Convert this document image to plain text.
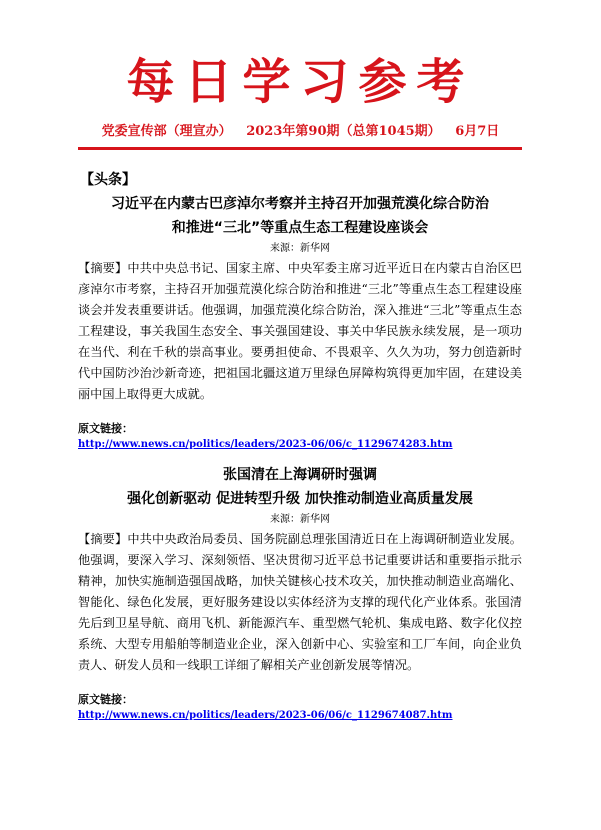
每日学习参考
党委宣传部（理宣办） 2023年第90期（总第1045期） 6月7日
【头条】

习近平在内蒙古巴彦淖尔考察并主持召开加强荒漠化综合防治

和推进“三北”等重点生态工程建设座谈会

来源：新华网

【摘要】中共中央总书记、国家主席、中央军委主席习近平近日在内蒙古自治区巴彦淖尔市考察，主持召开加强荒漠化综合防治和推进“三北”等重点生态工程建设座谈会并发表重要讲话。他强调，加强荒漠化综合防治，深入推进“三北”等重点生态工程建设，事关我国生态安全、事关强国建设、事关中华民族永续发展，是一项功在当代、利在千秋的崇高事业。要勇担使命、不畏艰辛、久久为功，努力创造新时代中国防沙治沙新奇迹，把祖国北疆这道万里绿色屏障构筑得更加牢固，在建设美丽中国上取得更大成就。

原文链接：

http://www.news.cn/politics/leaders/2023-06/06/c_1129674283.htm

张国清在上海调研时强调

强化创新驱动 促进转型升级 加快推动制造业高质量发展

来源：新华网

【摘要】中共中央政治局委员、国务院副总理张国清近日在上海调研制造业发展。他强调，要深入学习、深刻领悟、坚决贯彻习近平总书记重要讲话和重要指示批示精神，加快实施制造强国战略，加快关键核心技术攻关，加快推动制造业高端化、智能化、绿色化发展，更好服务建设以实体经济为支撑的现代化产业体系。张国清先后到卫星导航、商用飞机、新能源汽车、重型燃气轮机、集成电路、数字化仪控系统、大型专用船舶等制造业企业，深入创新中心、实验室和工厂车间，向企业负责人、研发人员和一线职工详细了解相关产业创新发展等情况。

原文链接：

http://www.news.cn/politics/leaders/2023-06/06/c_1129674087.htm
